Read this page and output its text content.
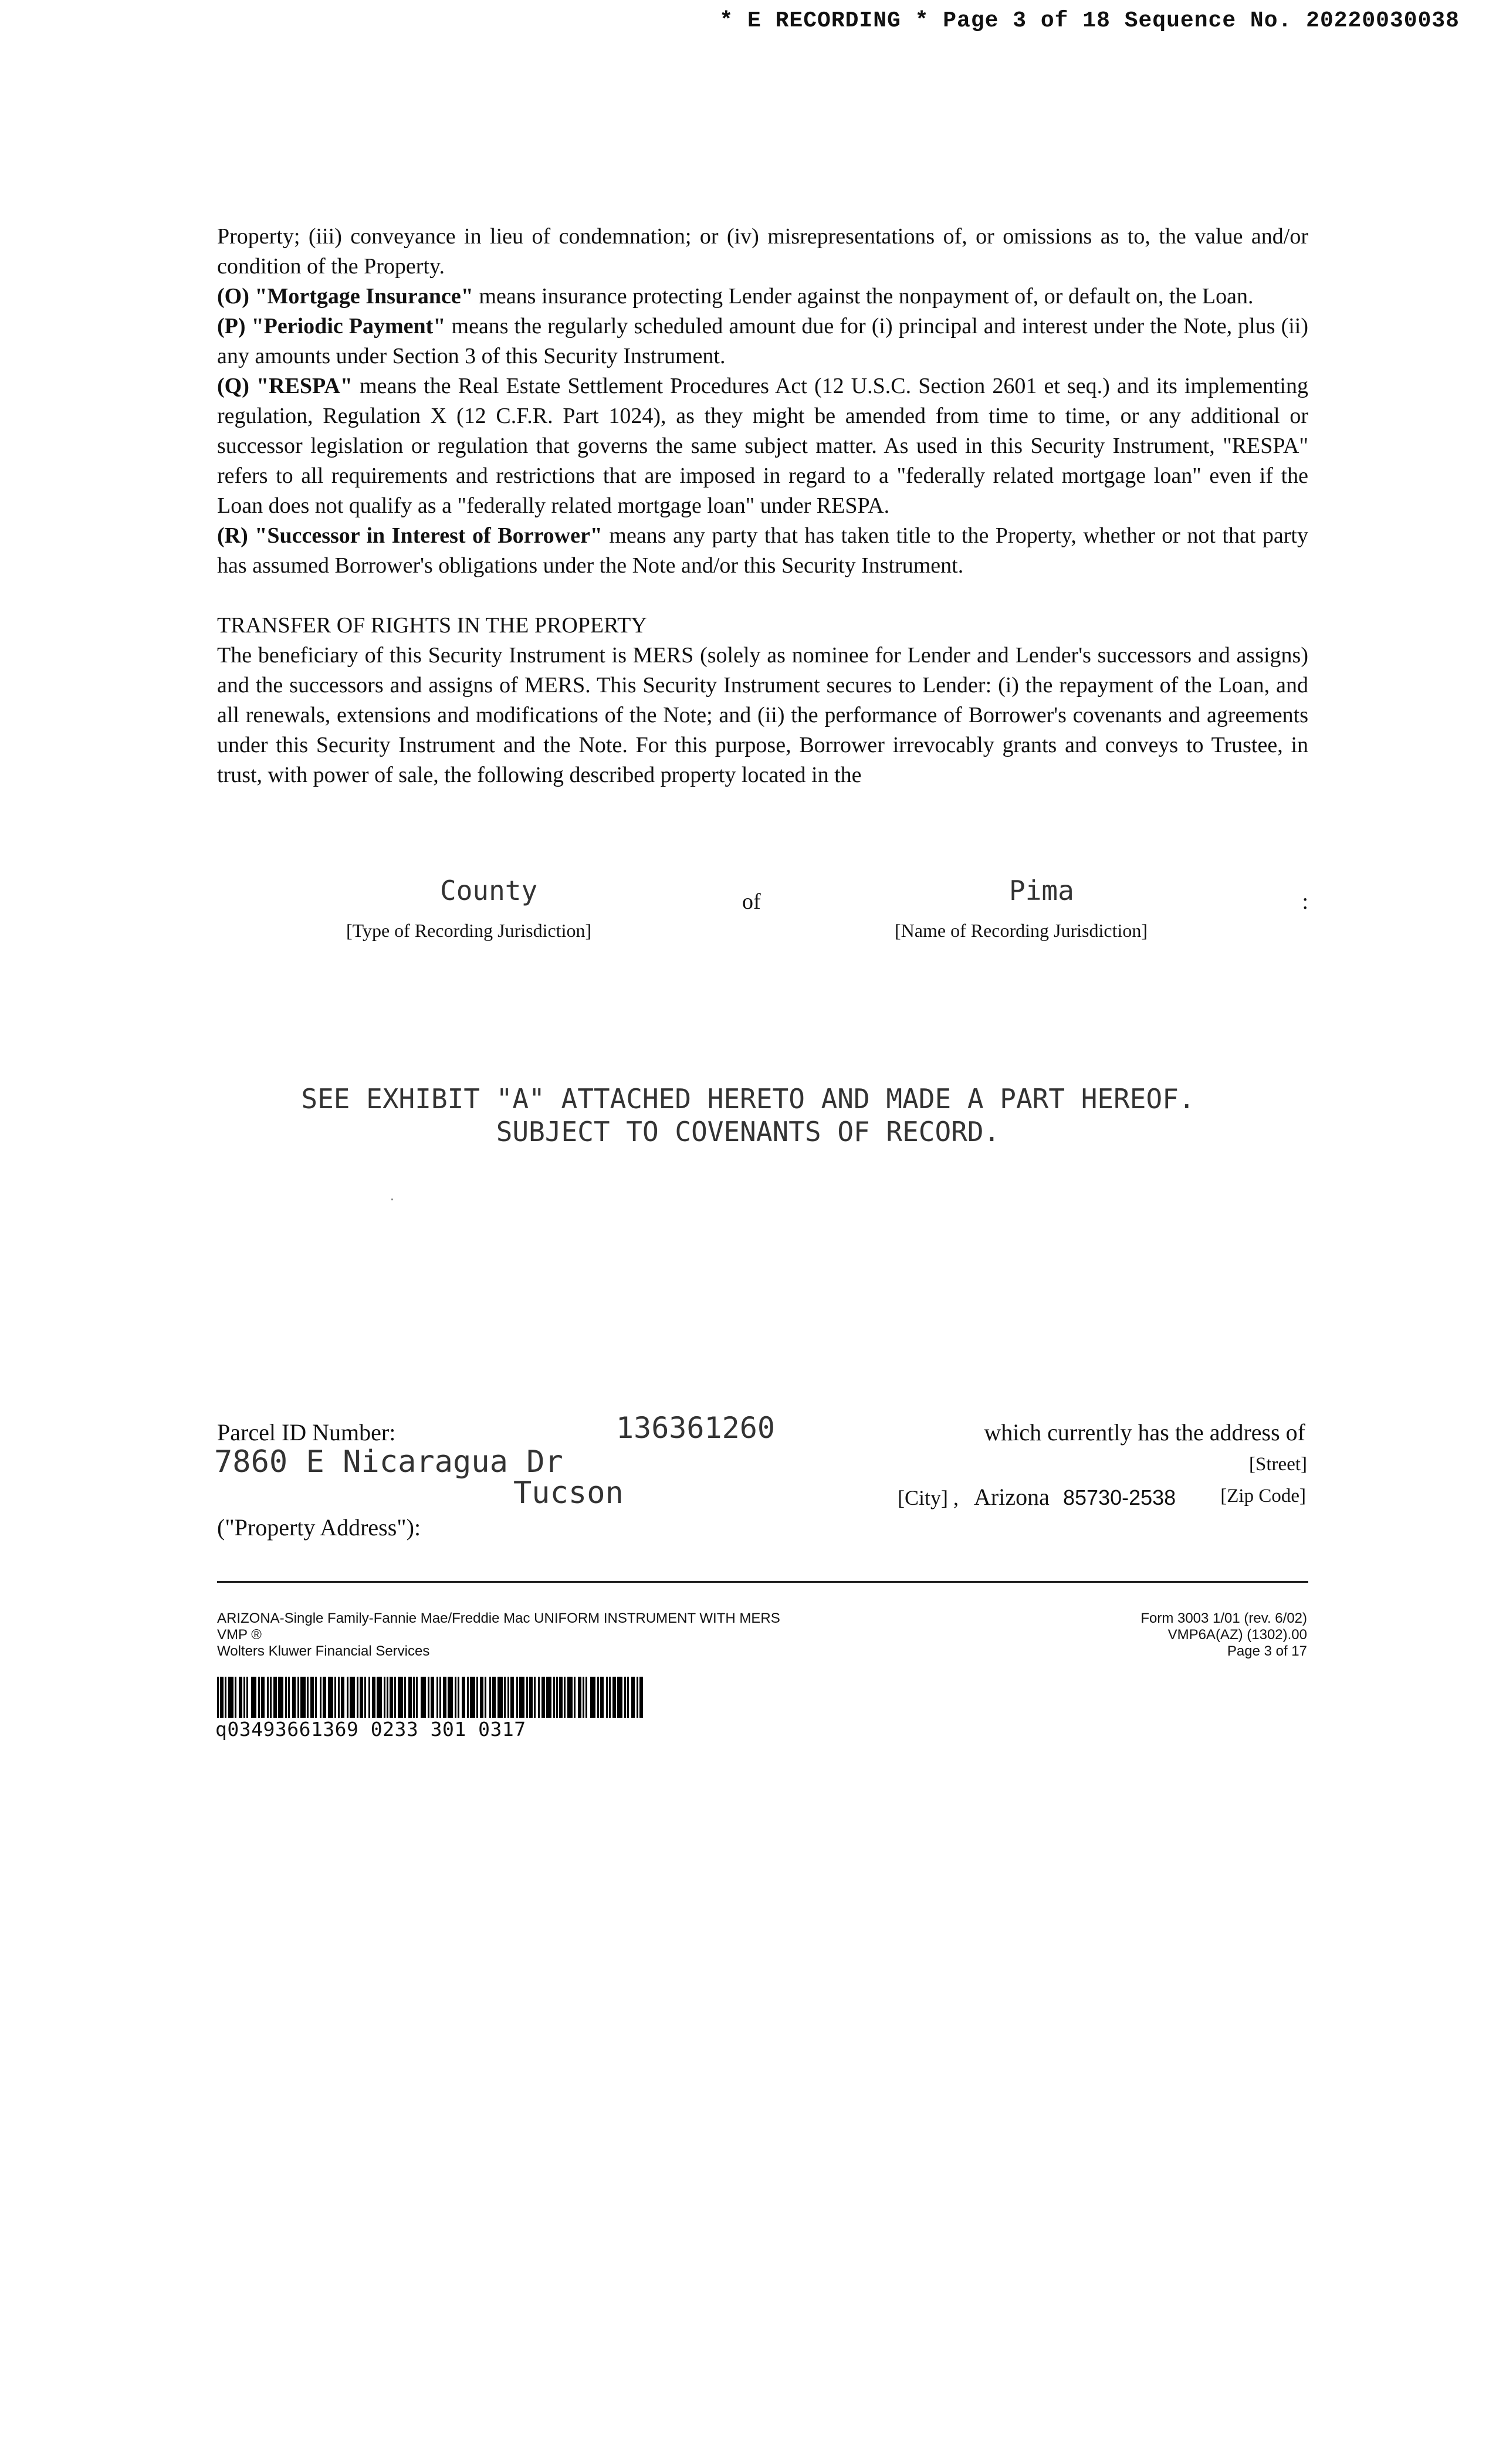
* E RECORDING * Page 3 of 18 Sequence No. 20220030038

Property; (iii) conveyance in lieu of condemnation; or (iv) misrepresentations of, or omissions as to, the value and/or condition of the Property.

(O) "Mortgage Insurance" means insurance protecting Lender against the nonpayment of, or default on, the Loan.

(P) "Periodic Payment" means the regularly scheduled amount due for (i) principal and interest under the Note, plus (ii) any amounts under Section 3 of this Security Instrument.

(Q) "RESPA" means the Real Estate Settlement Procedures Act (12 U.S.C. Section 2601 et seq.) and its implementing regulation, Regulation X (12 C.F.R. Part 1024), as they might be amended from time to time, or any additional or successor legislation or regulation that governs the same subject matter. As used in this Security Instrument, "RESPA" refers to all requirements and restrictions that are imposed in regard to a "federally related mortgage loan" even if the Loan does not qualify as a "federally related mortgage loan" under RESPA.

(R) "Successor in Interest of Borrower" means any party that has taken title to the Property, whether or not that party has assumed Borrower's obligations under the Note and/or this Security Instrument.

TRANSFER OF RIGHTS IN THE PROPERTY

The beneficiary of this Security Instrument is MERS (solely as nominee for Lender and Lender's successors and assigns) and the successors and assigns of MERS. This Security Instrument secures to Lender: (i) the repayment of the Loan, and all renewals, extensions and modifications of the Note; and (ii) the performance of Borrower's covenants and agreements under this Security Instrument and the Note. For this purpose, Borrower irrevocably grants and conveys to Trustee, in trust, with power of sale, the following described property located in the

County	of	Pima	:
[Type of Recording Jurisdiction]	[Name of Recording Jurisdiction]
SEE EXHIBIT "A" ATTACHED HERETO AND MADE A PART HEREOF.
SUBJECT TO COVENANTS OF RECORD.
Parcel ID Number:	136361260	which currently has the address of
7860 E Nicaragua Dr	[Street]
Tucson	[City] , Arizona 85730-2538 [Zip Code]
("Property Address"):
ARIZONA-Single Family-Fannie Mae/Freddie Mac UNIFORM INSTRUMENT WITH MERS
VMP ®
Wolters Kluwer Financial Services
Form 3003 1/01 (rev. 6/02)
VMP6A(AZ) (1302).00
Page 3 of 17
q03493661369 0233 301 0317
